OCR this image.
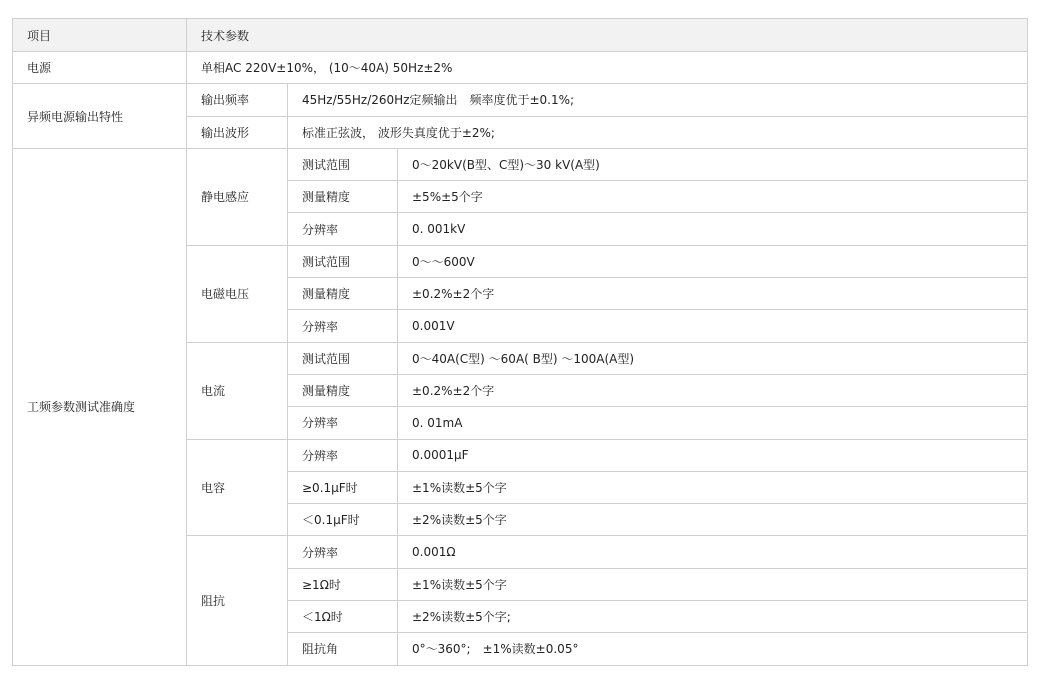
项目	技术参数		
电源	单相AC 220V±10%， (10～40A) 50Hz±2%		
异频电源输出特性	输出频率	45Hz/55Hz/260Hz定频输出　频率度优于±0.1%;	
	输出波形	标准正弦波， 波形失真度优于±2%;	
工频参数测试准确度	静电感应	测试范围	0～20kV(B型、C型)～30 kV(A型)
		测量精度	±5%±5个字
		分辨率	0. 001kV
	电磁电压	测试范围	0～～600V
		测量精度	±0.2%±2个字
		分辨率	0.001V
	电流	测试范围	0～40A(C型) ～60A( B型) ～100A(A型)
		测量精度	±0.2%±2个字
		分辨率	0. 01mA
	电容	分辨率	0.0001μF
		≥0.1μF时	±1%读数±5个字
		＜0.1μF时	±2%读数±5个字
	阻抗	分辨率	0.001Ω
		≥1Ω时	±1%读数±5个字
		＜1Ω时	±2%读数±5个字;
		阻抗角	0°～360°;　±1%读数±0.05°
